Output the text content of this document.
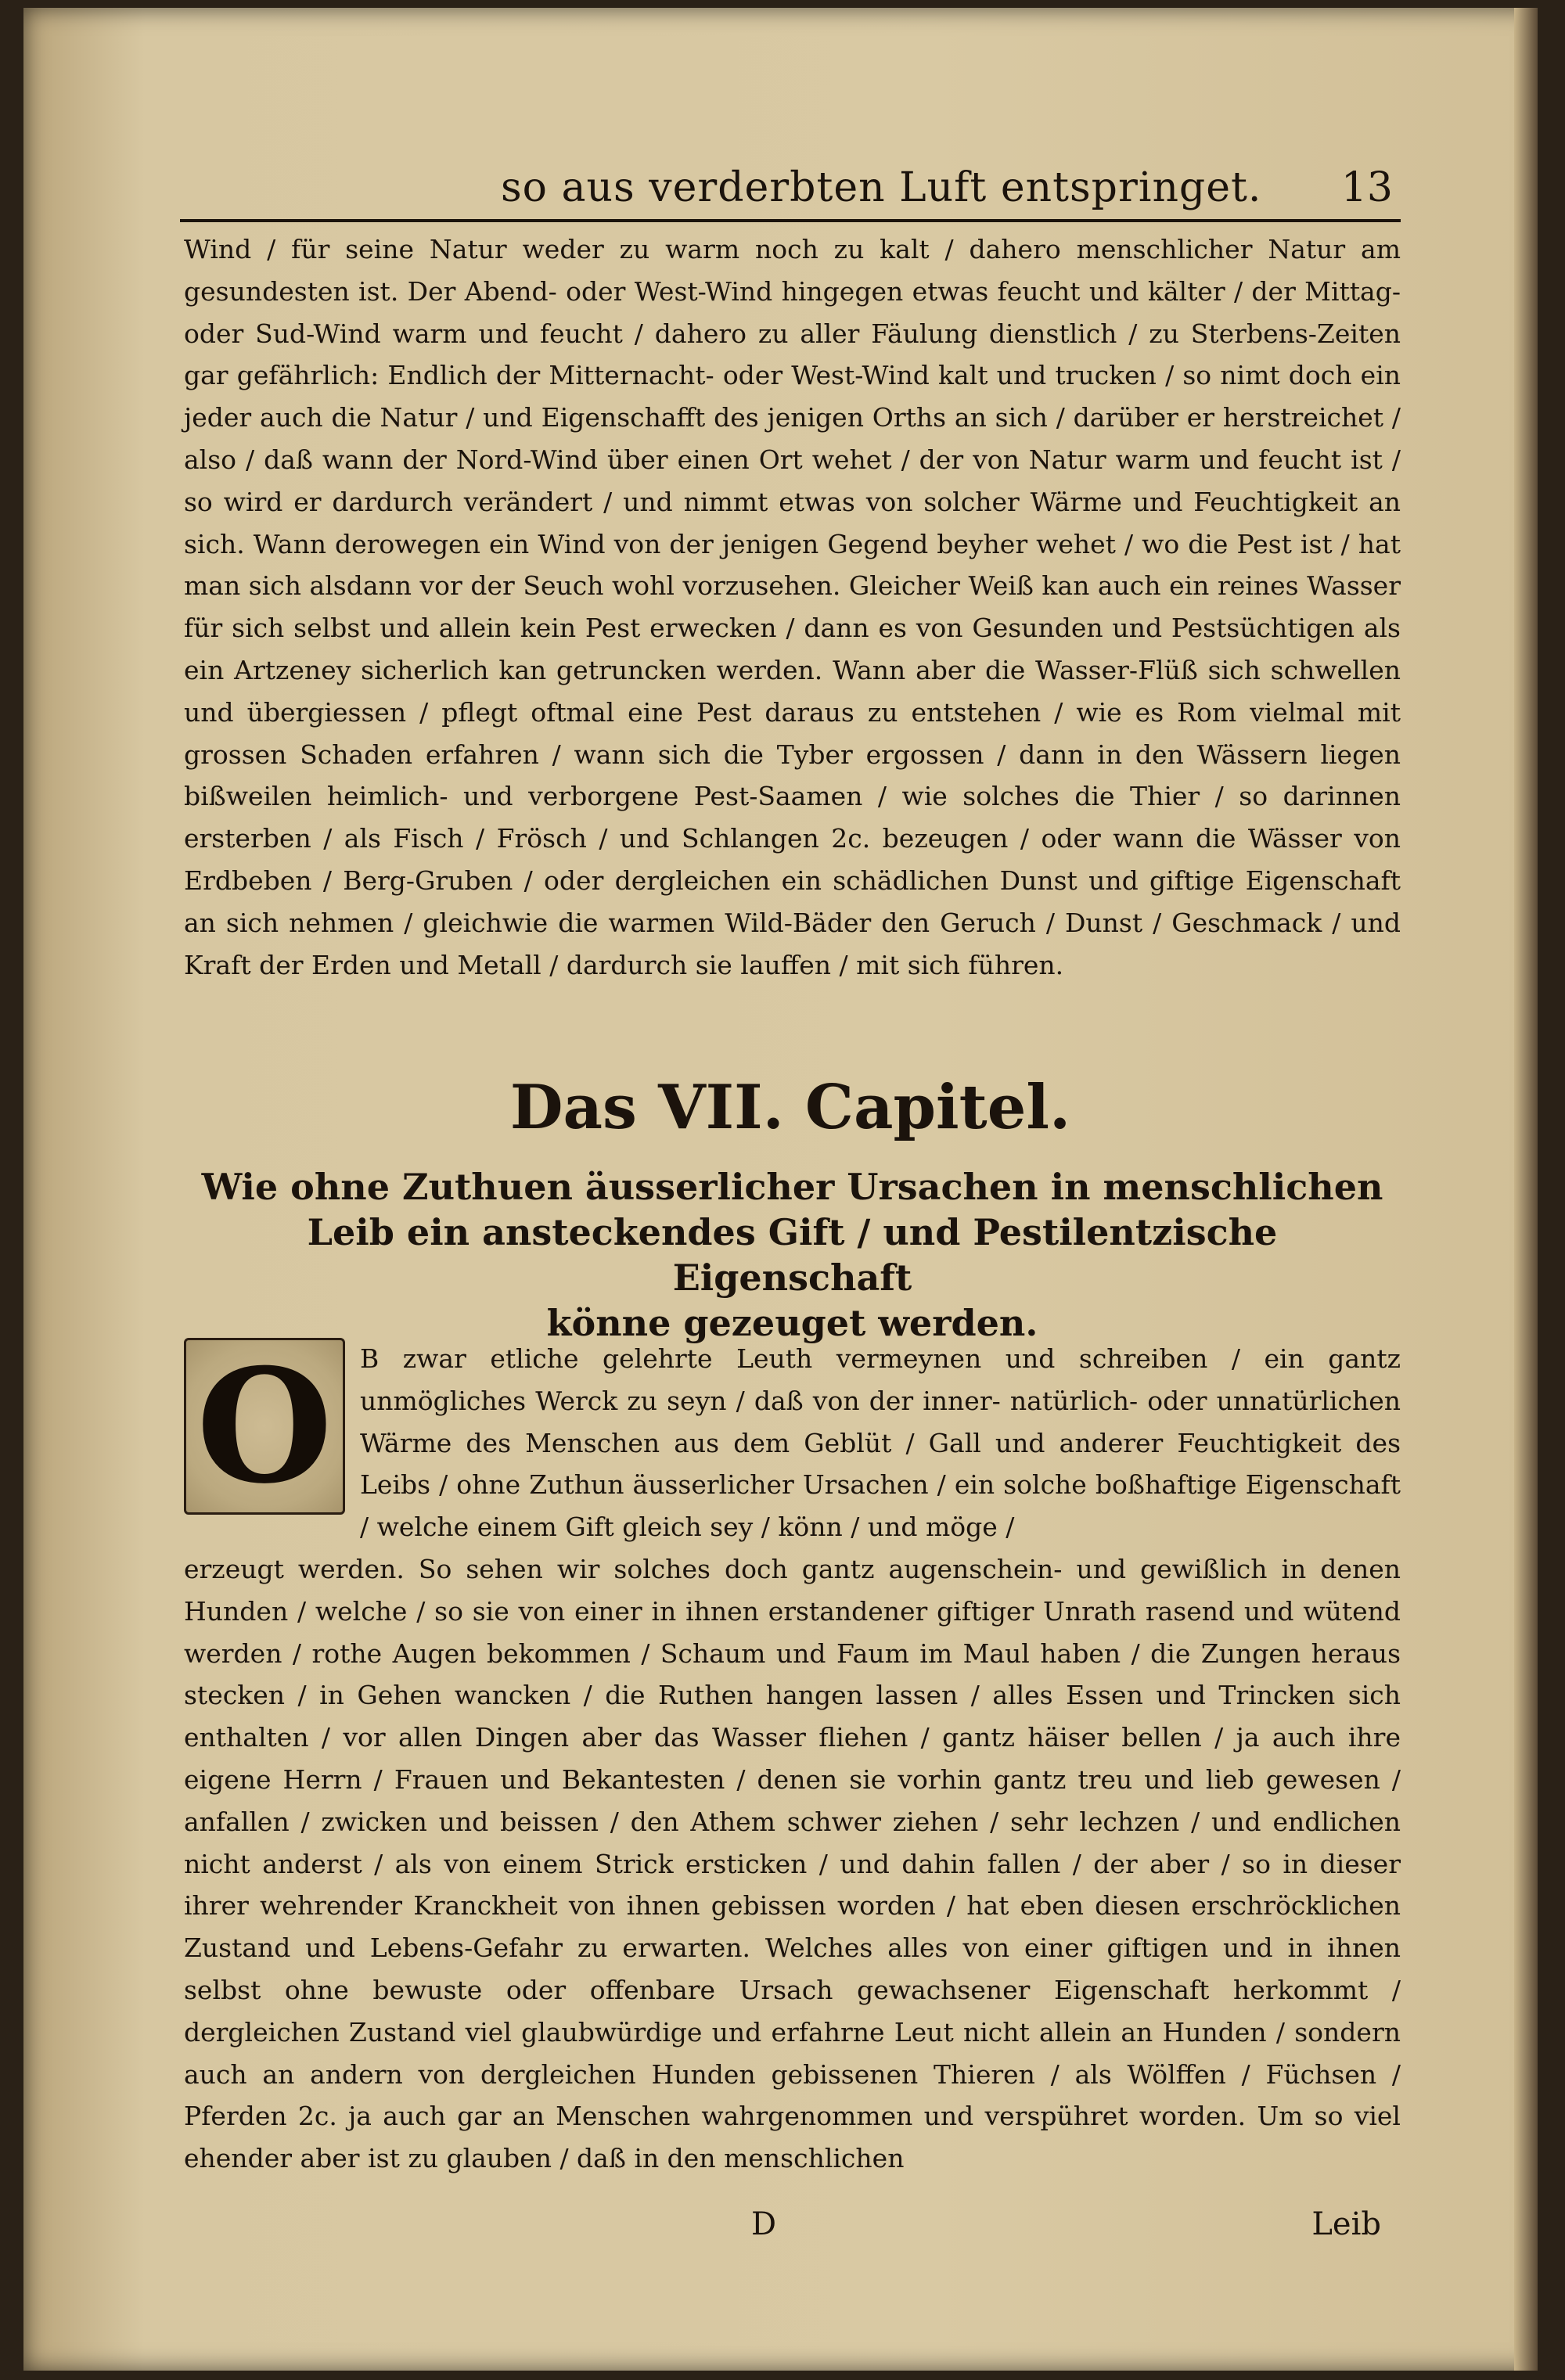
so aus verderbten Luft entspringet. 13
Wind / für seine Natur weder zu warm noch zu kalt / dahero menschlicher Natur am gesundesten ist. Der Abend- oder West-Wind hingegen etwas feucht und kälter / der Mittag- oder Sud-Wind warm und feucht / dahero zu aller Fäulung dienstlich / zu Sterbens-Zeiten gar gefährlich: Endlich der Mitternacht- oder West-Wind kalt und trucken / so nimt doch ein jeder auch die Natur / und Eigenschafft des jenigen Orths an sich / darüber er herstreichet / also / daß wann der Nord-Wind über einen Ort wehet / der von Natur warm und feucht ist / so wird er dardurch verändert / und nimmt etwas von solcher Wärme und Feuchtigkeit an sich. Wann derowegen ein Wind von der jenigen Gegend beyher wehet / wo die Pest ist / hat man sich alsdann vor der Seuch wohl vorzusehen. Gleicher Weiß kan auch ein reines Wasser für sich selbst und allein kein Pest erwecken / dann es von Gesunden und Pestsüchtigen als ein Artzeney sicherlich kan getruncken werden. Wann aber die Wasser-Flüß sich schwellen und übergiessen / pflegt oftmal eine Pest daraus zu entstehen / wie es Rom vielmal mit grossen Schaden erfahren / wann sich die Tyber ergossen / dann in den Wässern liegen bißweilen heimlich- und verborgene Pest-Saamen / wie solches die Thier / so darinnen ersterben / als Fisch / Frösch / und Schlangen 2c. bezeugen / oder wann die Wässer von Erdbeben / Berg-Gruben / oder dergleichen ein schädlichen Dunst und giftige Eigenschaft an sich nehmen / gleichwie die warmen Wild-Bäder den Geruch / Dunst / Geschmack / und Kraft der Erden und Metall / dardurch sie lauffen / mit sich führen.
Das VII. Capitel.
Wie ohne Zuthuen äusserlicher Ursachen in menschlichen
Leib ein ansteckendes Gift / und Pestilentzische Eigenschaft
könne gezeuget werden.
O	B zwar etliche gelehrte Leuth vermeynen und schreiben / ein gantz unmögliches Werck zu seyn / daß von der inner- natürlich- oder unnatürlichen Wärme des Menschen aus dem Geblüt / Gall und anderer Feuchtigkeit des Leibs / ohne Zuthun äusserlicher Ursachen / ein solche boßhaftige Eigenschaft / welche einem Gift gleich sey / könn / und möge /
erzeugt werden. So sehen wir solches doch gantz augenschein- und gewißlich in denen Hunden / welche / so sie von einer in ihnen erstandener giftiger Unrath rasend und wütend werden / rothe Augen bekommen / Schaum und Faum im Maul haben / die Zungen heraus stecken / in Gehen wancken / die Ruthen hangen lassen / alles Essen und Trincken sich enthalten / vor allen Dingen aber das Wasser fliehen / gantz häiser bellen / ja auch ihre eigene Herrn / Frauen und Bekantesten / denen sie vorhin gantz treu und lieb gewesen / anfallen / zwicken und beissen / den Athem schwer ziehen / sehr lechzen / und endlichen nicht anderst / als von einem Strick ersticken / und dahin fallen / der aber / so in dieser ihrer wehrender Kranckheit von ihnen gebissen worden / hat eben diesen erschröcklichen Zustand und Lebens-Gefahr zu erwarten. Welches alles von einer giftigen und in ihnen selbst ohne bewuste oder offenbare Ursach gewachsener Eigenschaft herkommt / dergleichen Zustand viel glaubwürdige und erfahrne Leut nicht allein an Hunden / sondern auch an andern von dergleichen Hunden gebissenen Thieren / als Wölffen / Füchsen / Pferden 2c. ja auch gar an Menschen wahrgenommen und verspühret worden. Um so viel ehender aber ist zu glauben / daß in den menschlichen
D	Leib
